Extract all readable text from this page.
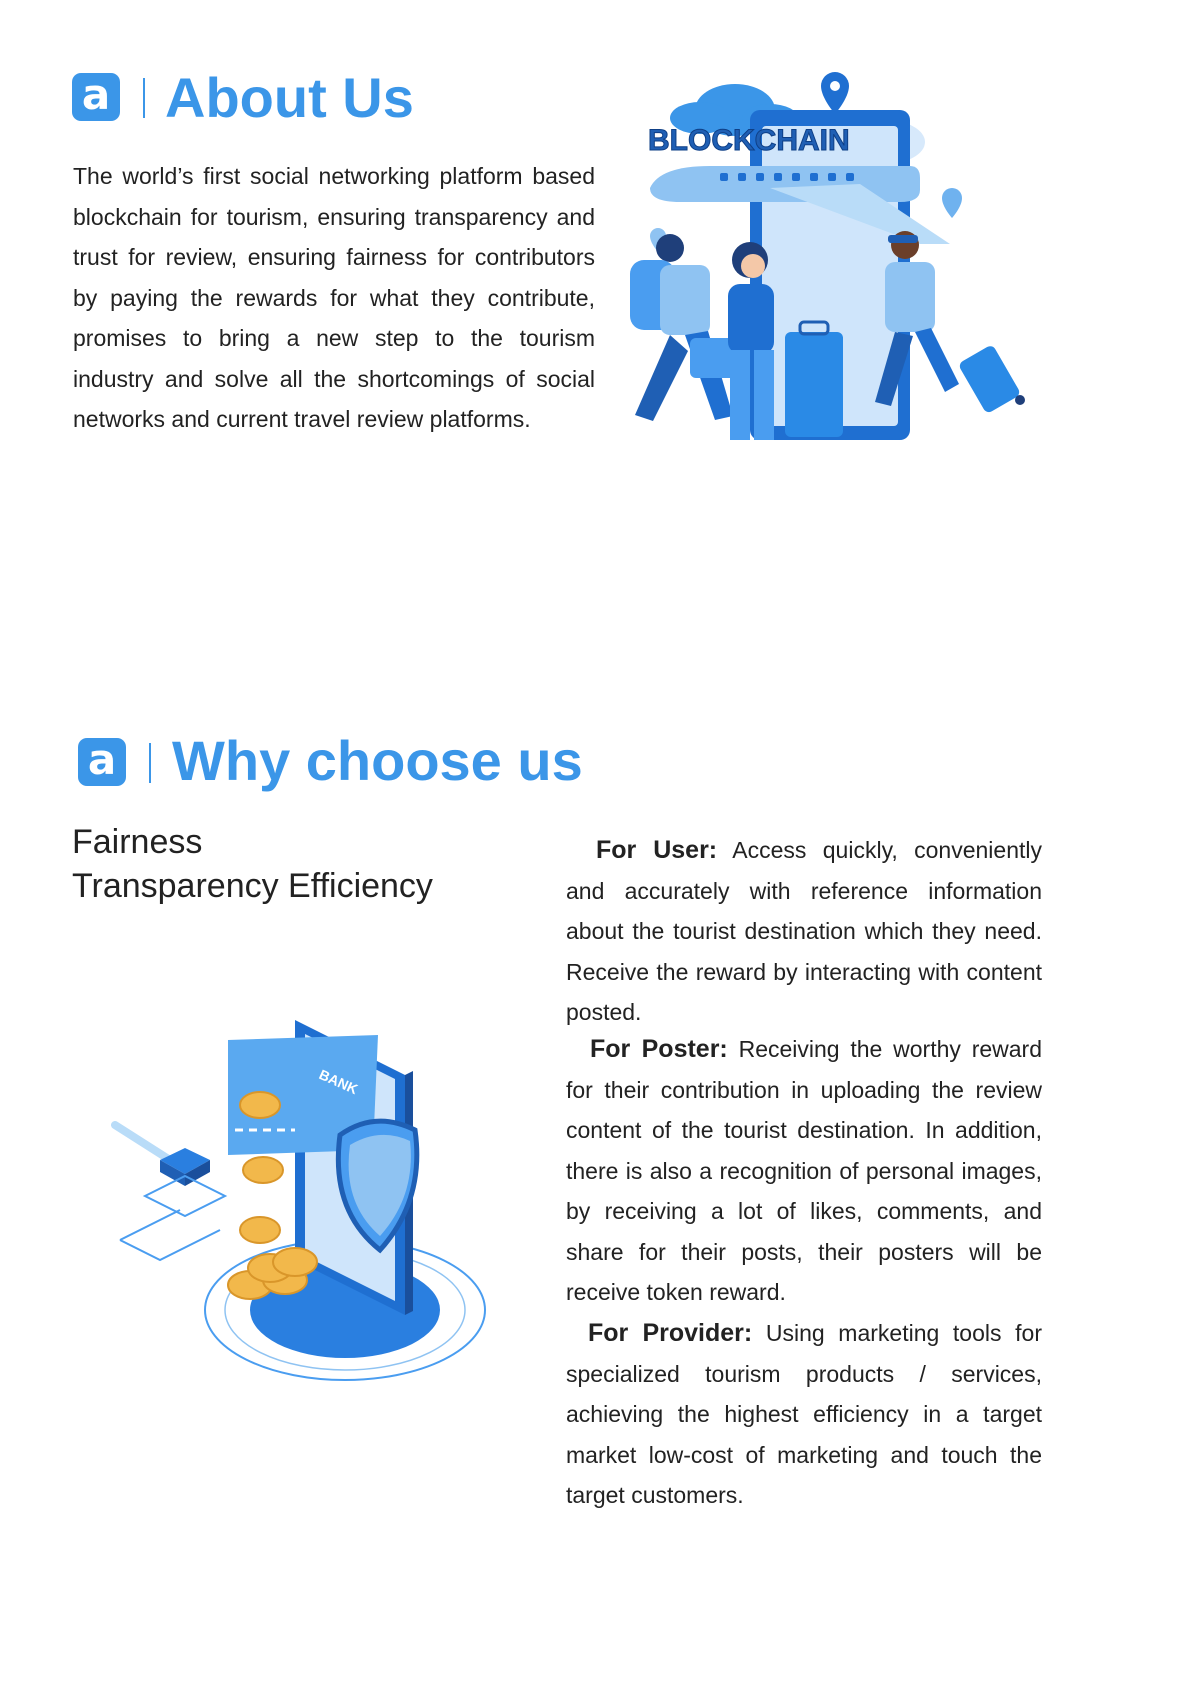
a About Us
The world’s first social networking platform based blockchain for tourism, ensuring transparency and trust for review, ensuring fairness for contributors by paying the rewards for what they contribute, promises to bring a new step to the tourism industry and solve all the shortcomings of social networks and current travel review platforms.
BLOCKCHAIN
a Why choose us
Fairness
Transparency Efficiency
BANK
For User: Access quickly, conveniently and accurately with reference information about the tourist destination which they need. Receive the reward by interacting with content posted.
For Poster: Receiving the worthy reward for their contribution in uploading the review content of the tourist destination. In addition, there is also a recognition of personal images, by receiving a lot of likes, comments, and share for their posts, their posters will be receive token reward.
For Provider: Using marketing tools for specialized tourism products / services, achieving the highest efficiency in a target market low-cost of marketing and touch the target customers.
